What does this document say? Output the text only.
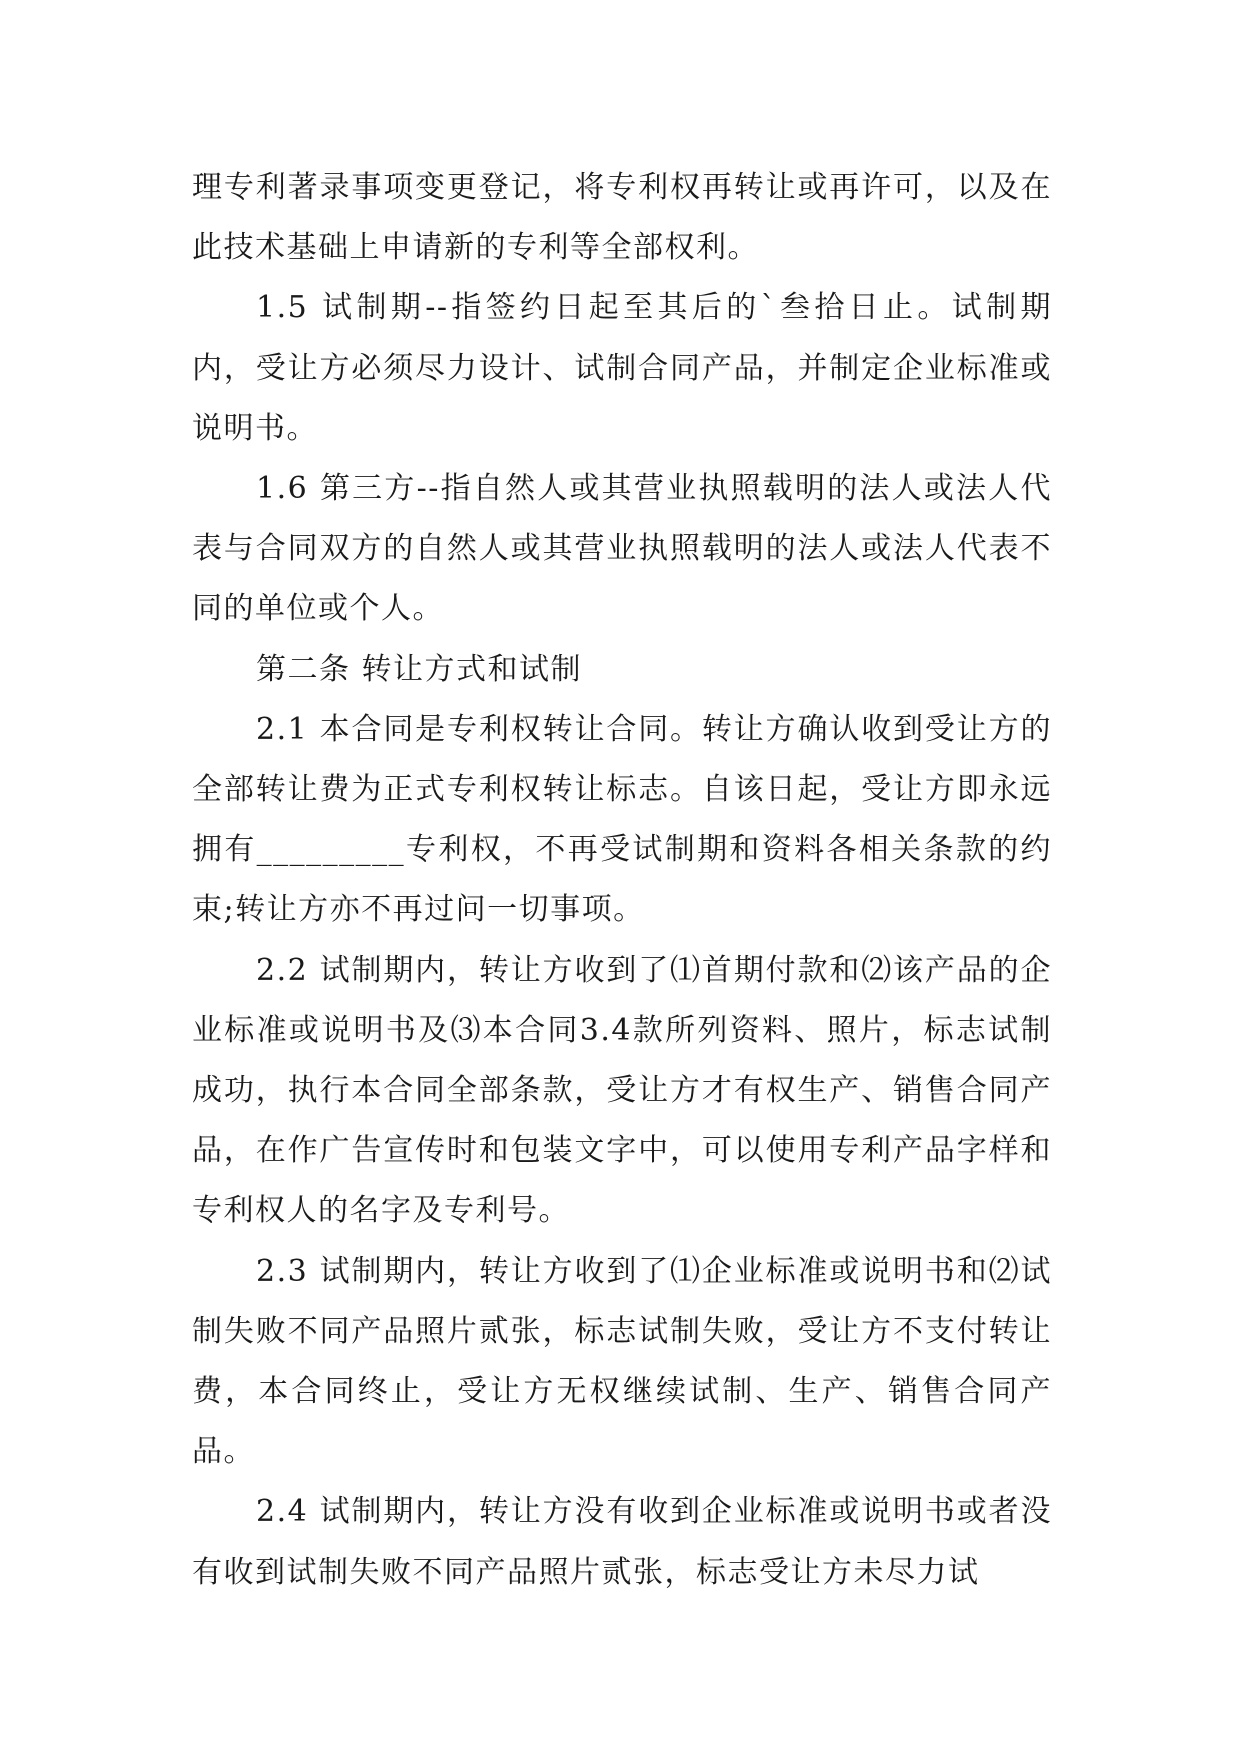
理专利著录事项变更登记，将专利权再转让或再许可，以及在此技术基础上申请新的专利等全部权利。

1.5 试制期--指签约日起至其后的`叁拾日止。试制期内，受让方必须尽力设计、试制合同产品，并制定企业标准或说明书。

1.6 第三方--指自然人或其营业执照载明的法人或法人代表与合同双方的自然人或其营业执照载明的法人或法人代表不同的单位或个人。

第二条 转让方式和试制

2.1 本合同是专利权转让合同。转让方确认收到受让方的全部转让费为正式专利权转让标志。自该日起，受让方即永远拥有_________专利权，不再受试制期和资料各相关条款的约束;转让方亦不再过问一切事项。

2.2 试制期内，转让方收到了⑴首期付款和⑵该产品的企业标准或说明书及⑶本合同3.4款所列资料、照片，标志试制成功，执行本合同全部条款，受让方才有权生产、销售合同产品，在作广告宣传时和包装文字中，可以使用专利产品字样和专利权人的名字及专利号。

2.3 试制期内，转让方收到了⑴企业标准或说明书和⑵试制失败不同产品照片贰张，标志试制失败，受让方不支付转让费，本合同终止，受让方无权继续试制、生产、销售合同产品。

2.4 试制期内，转让方没有收到企业标准或说明书或者没有收到试制失败不同产品照片贰张，标志受让方未尽力试
